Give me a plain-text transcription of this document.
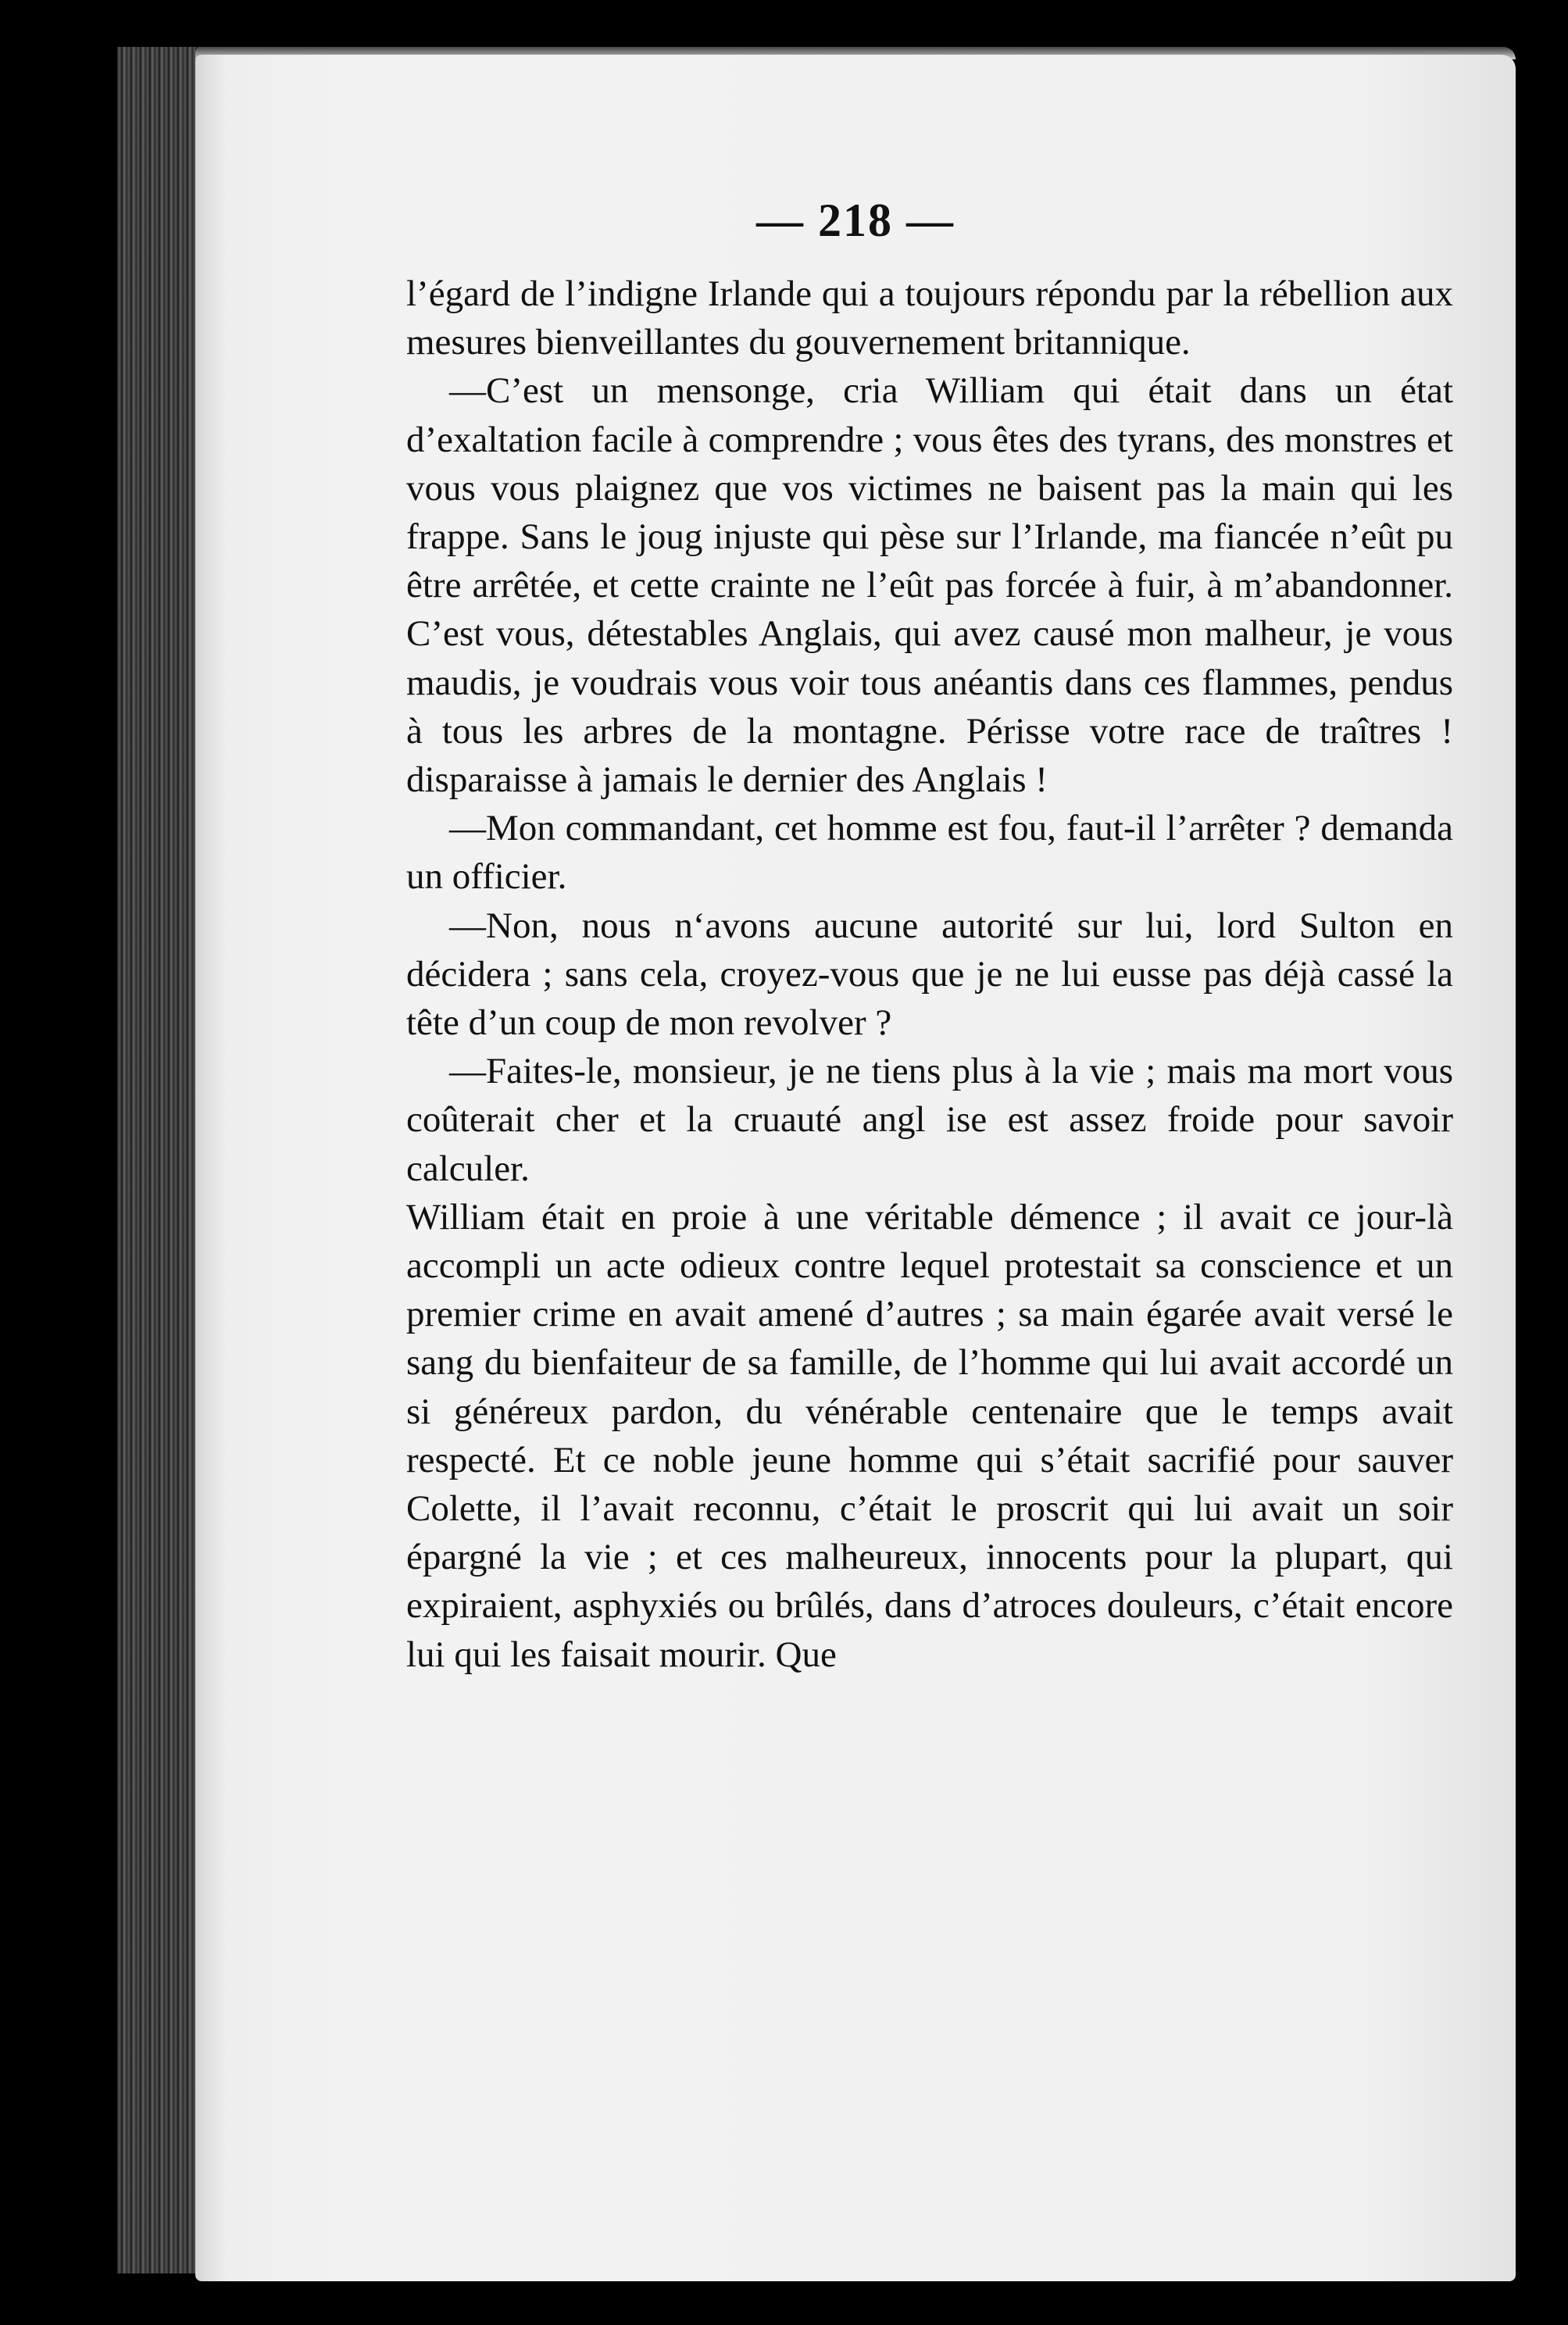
— 218 —

l’égard de l’indigne Irlande qui a toujours répondu par la rébellion aux mesures bienveillantes du gouvernement britannique.

—C’est un mensonge, cria William qui était dans un état d’exaltation facile à comprendre ; vous êtes des tyrans, des monstres et vous vous plaignez que vos victimes ne baisent pas la main qui les frappe. Sans le joug injuste qui pèse sur l’Irlande, ma fiancée n’eût pu être arrêtée, et cette crainte ne l’eût pas forcée à fuir, à m’abandonner. C’est vous, détestables Anglais, qui avez causé mon malheur, je vous maudis, je voudrais vous voir tous anéantis dans ces flammes, pendus à tous les arbres de la montagne. Périsse votre race de traîtres ! disparaisse à jamais le dernier des Anglais !

—Mon commandant, cet homme est fou, faut-il l’arrêter ? demanda un officier.

—Non, nous n‘avons aucune autorité sur lui, lord Sulton en décidera ; sans cela, croyez-vous que je ne lui eusse pas déjà cassé la tête d’un coup de mon revolver ?

—Faites-le, monsieur, je ne tiens plus à la vie ; mais ma mort vous coûterait cher et la cruauté angl ise est assez froide pour savoir calculer.

William était en proie à une véritable démence ; il avait ce jour-là accompli un acte odieux contre lequel protestait sa conscience et un premier crime en avait amené d’autres ; sa main égarée avait versé le sang du bienfaiteur de sa famille, de l’homme qui lui avait accordé un si généreux pardon, du vénérable centenaire que le temps avait respecté. Et ce noble jeune homme qui s’était sacrifié pour sauver Colette, il l’avait reconnu, c’était le proscrit qui lui avait un soir épargné la vie ; et ces malheureux, innocents pour la plupart, qui expiraient, asphyxiés ou brûlés, dans d’atroces douleurs, c’était encore lui qui les faisait mourir. Que
